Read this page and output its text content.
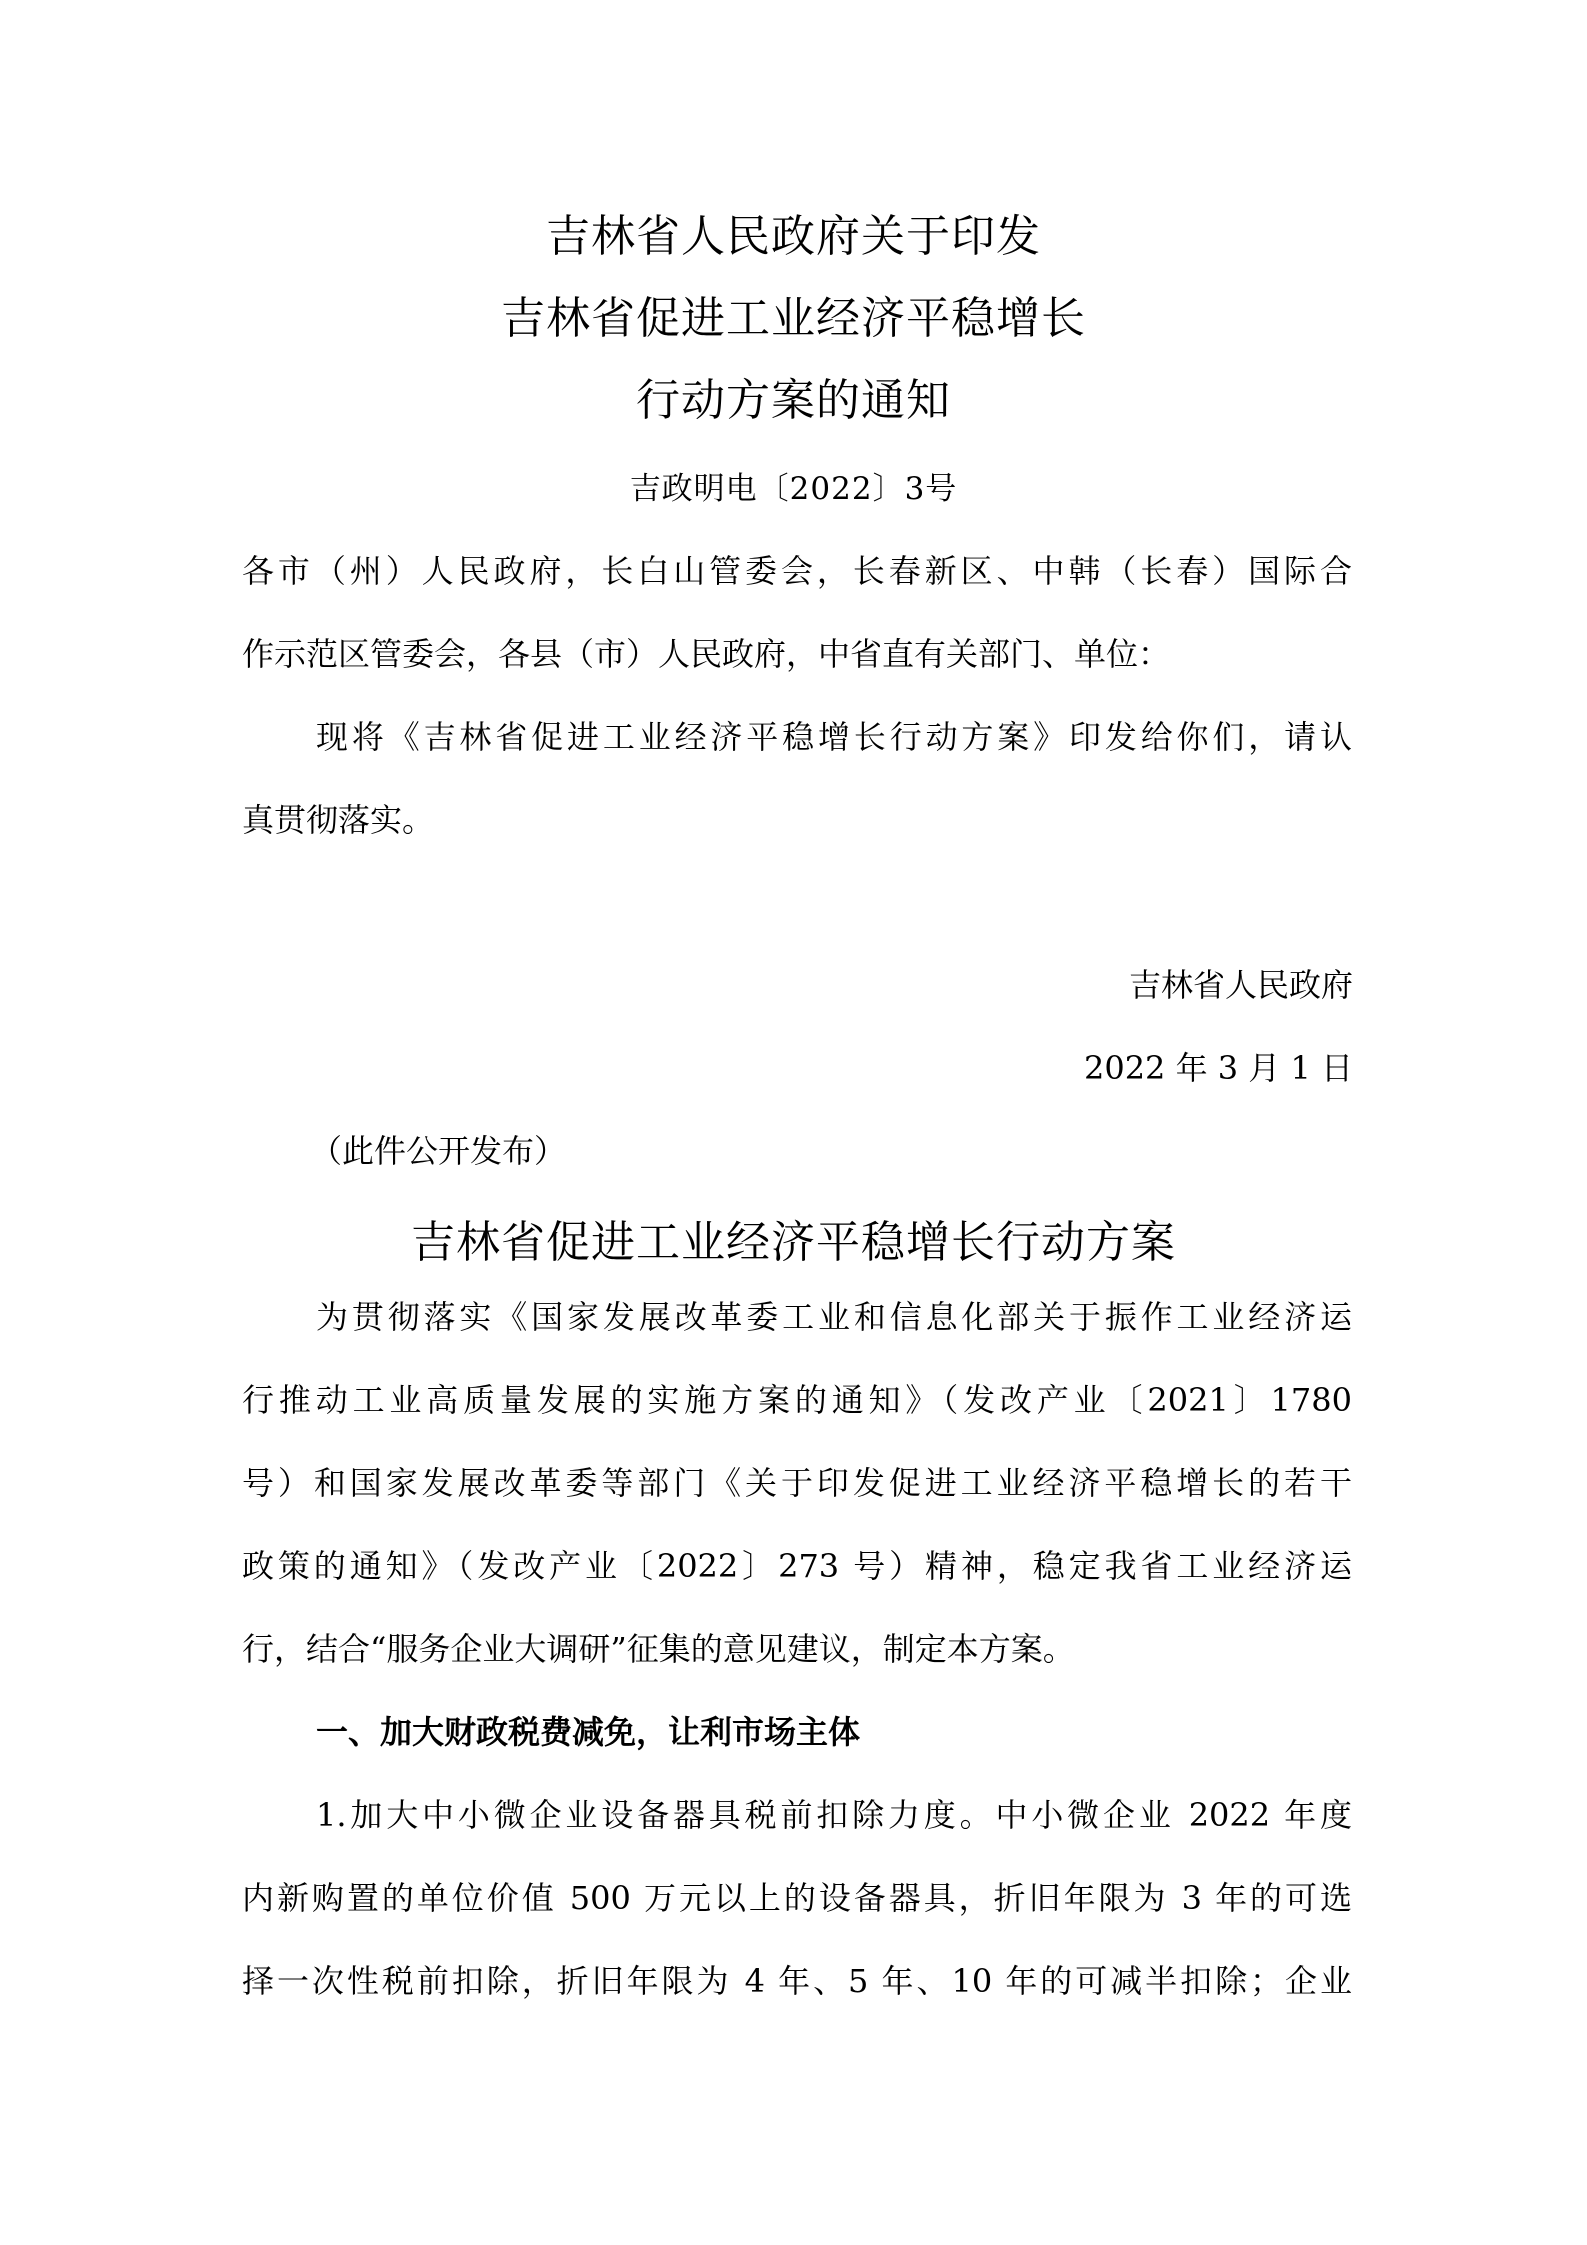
吉林省人民政府关于印发
吉林省促进工业经济平稳增长
行动方案的通知
吉政明电〔2022〕3号
各市（州）人民政府，长白山管委会，长春新区、中韩（长春）国际合
作示范区管委会，各县（市）人民政府，中省直有关部门、单位：
现将《吉林省促进工业经济平稳增长行动方案》印发给你们，请认
真贯彻落实。
吉林省人民政府
2022 年 3 月 1 日
（此件公开发布）
吉林省促进工业经济平稳增长行动方案
为贯彻落实《国家发展改革委工业和信息化部关于振作工业经济运
行推动工业高质量发展的实施方案的通知》（发改产业〔2021〕1780
号）和国家发展改革委等部门《关于印发促进工业经济平稳增长的若干
政策的通知》（发改产业〔2022〕273 号）精神，稳定我省工业经济运
行，结合“服务企业大调研”征集的意见建议，制定本方案。
一、加大财政税费减免，让利市场主体
1.加大中小微企业设备器具税前扣除力度。中小微企业 2022 年度
内新购置的单位价值 500 万元以上的设备器具，折旧年限为 3 年的可选
择一次性税前扣除，折旧年限为 4 年、5 年、10 年的可减半扣除；企业
